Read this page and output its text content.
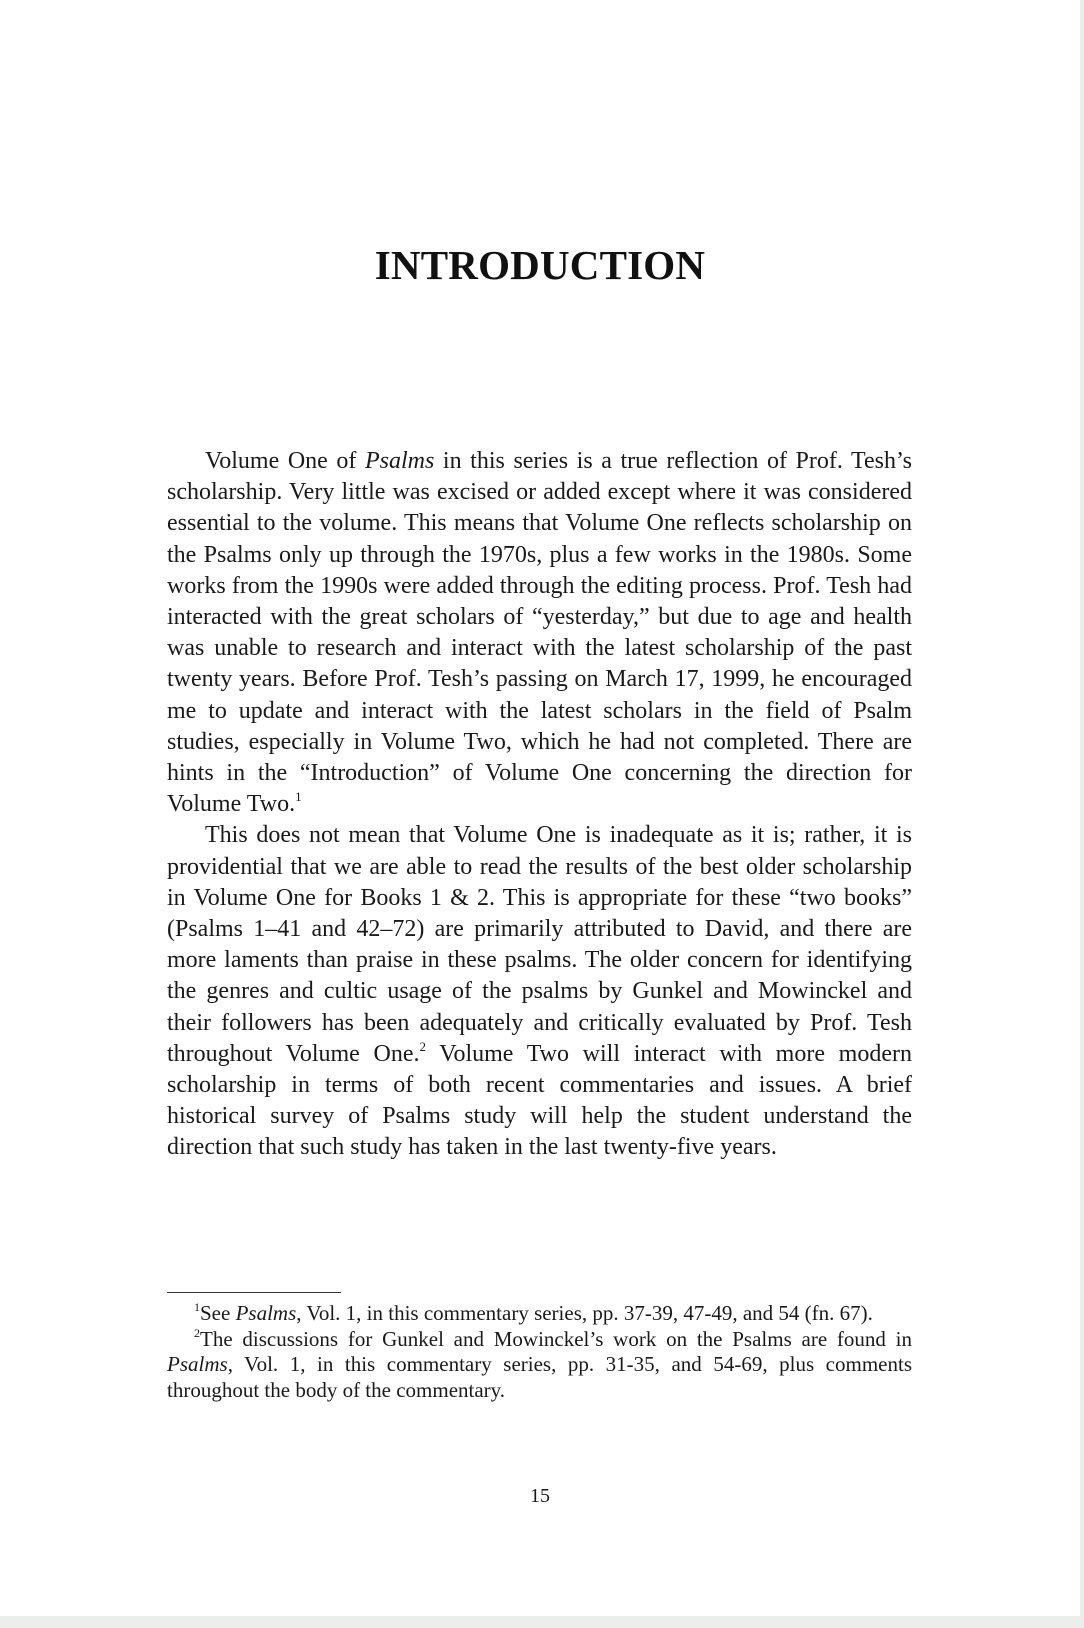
INTRODUCTION

Volume One of Psalms in this series is a true reflection of Prof. Tesh’s scholarship. Very little was excised or added except where it was considered essential to the volume. This means that Volume One reflects scholarship on the Psalms only up through the 1970s, plus a few works in the 1980s. Some works from the 1990s were added through the editing process. Prof. Tesh had interacted with the great scholars of “yesterday,” but due to age and health was unable to research and interact with the latest scholarship of the past twenty years. Before Prof. Tesh’s passing on March 17, 1999, he encouraged me to update and interact with the latest scholars in the field of Psalm studies, especially in Volume Two, which he had not completed. There are hints in the “Introduction” of Volume One concerning the direction for Volume Two.$^1$

This does not mean that Volume One is inadequate as it is; rather, it is providential that we are able to read the results of the best older scholarship in Volume One for Books 1 & 2. This is appropriate for these “two books” (Psalms 1–41 and 42–72) are primarily attributed to David, and there are more laments than praise in these psalms. The older concern for identifying the genres and cultic usage of the psalms by Gunkel and Mowinckel and their followers has been adequately and critically evaluated by Prof. Tesh throughout Volume One.$^2$ Volume Two will interact with more modern scholarship in terms of both recent commentaries and issues. A brief historical survey of Psalms study will help the student understand the direction that such study has taken in the last twenty-five years.

$^1$See Psalms, Vol. 1, in this commentary series, pp. 37-39, 47-49, and 54 (fn. 67).

$^2$The discussions for Gunkel and Mowinckel’s work on the Psalms are found in Psalms, Vol. 1, in this commentary series, pp. 31-35, and 54-69, plus comments throughout the body of the commentary.

15
